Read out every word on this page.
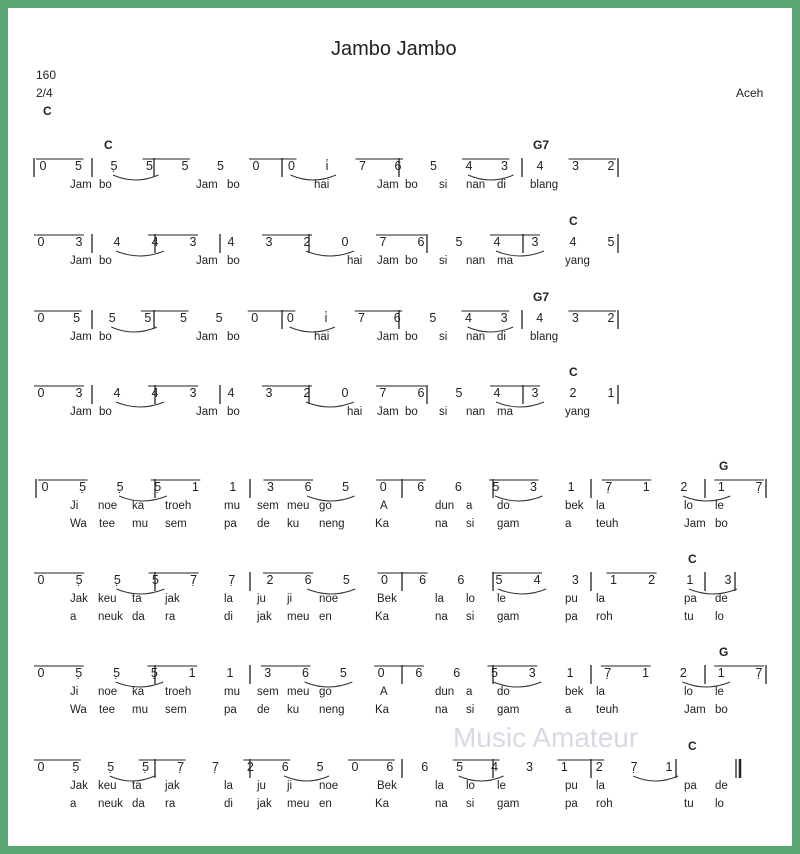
Jambo Jambo
160
2/4
C
Aceh
Music Amateur
0 5 5̣ 5 5 5 0 0	i̇	7 6 5 4 3 4 3 2
C	G7
Jam bo	Jam bo	hai	Jam bo si nan di blang
0 3 4 4 3 4 3 2 0 7 6 5 4 3 4 5
C
Jam bo	Jam bo	hai Jam bo si nan ma	yang
0 5 5 5 5 5 0 0	i̇	7 6 5 4 3 4 3 2
G7
Jam bo	Jam bo	hai	Jam bo si nan di blang
0 3 4 4 3 4 3 2 0 7 6 5 4 3 2 1
C
Jam bo	Jam bo	hai Jam bo si nan ma	yang
0 5̣ 5̣ 5̣ 1 1 3 6 5 0 6 6 5 3 1 7̣ 1 2 1 7̣
G
Ji noe ka troeh	mu sem meu go	A	dun a do	bek la	lo le
Wa tee mu sem	pa de ku neng	Ka	na si gam	a teuh	Jam bo
0 5̣ 5̣ 5̣ 7̣ 7̣ 2 6 5 0 6 6 5 4 3 1 2 1 3
C
Jak keu ta jak	la ju ji noe	Bek	la lo le	pu la	pa de
a neuk da ra	di jak meu en	Ka	na si gam	pa roh	tu lo
0 5̣ 5̣ 5̣ 1 1 3 6 5 0 6 6 5 3 1 7̣ 1 2 1 7̣
G
Ji noe ka troeh	mu sem meu go	A	dun a do	bek la	lo le
Wa tee mu sem	pa de ku neng	Ka	na si gam	a teuh	Jam bo
0 5̣ 5̣ 5̣ 7̣ 7̣ 2 6 5 0 6 6 5 4 3 1 2 7̣ 1
C
Jak keu ta jak	la ju ji noe	Bek	la lo le	pu la	pa de
a neuk da ra	di jak meu en	Ka	na si gam	pa roh	tu lo
